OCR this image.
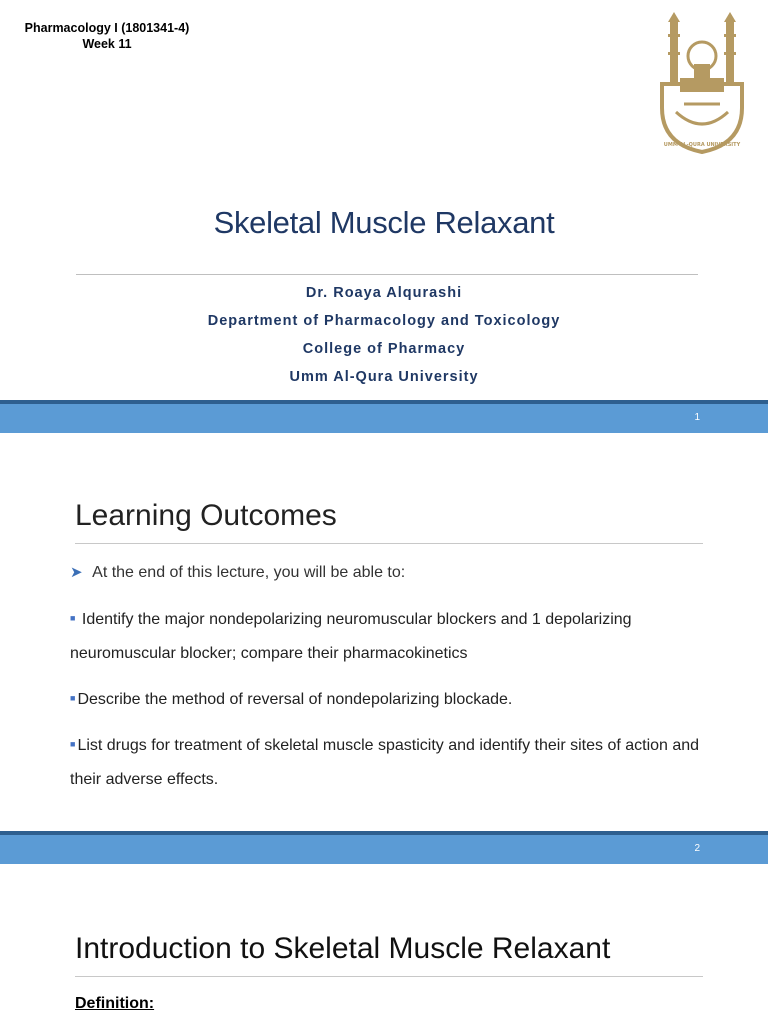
Pharmacology I (1801341-4)
Week 11
UMM AL-QURA UNIVERSITY
Skeletal Muscle Relaxant
Dr. Roaya Alqurashi
Department of Pharmacology and Toxicology
College of Pharmacy
Umm Al-Qura University
1
Learning Outcomes
➤ At the end of this lecture, you will be able to:
■ Identify the major nondepolarizing neuromuscular blockers and 1 depolarizing neuromuscular blocker; compare their pharmacokinetics
■ Describe the method of reversal of nondepolarizing blockade.
■ List drugs for treatment of skeletal muscle spasticity and identify their sites of action and their adverse effects.
2
Introduction to Skeletal Muscle Relaxant
Definition:
